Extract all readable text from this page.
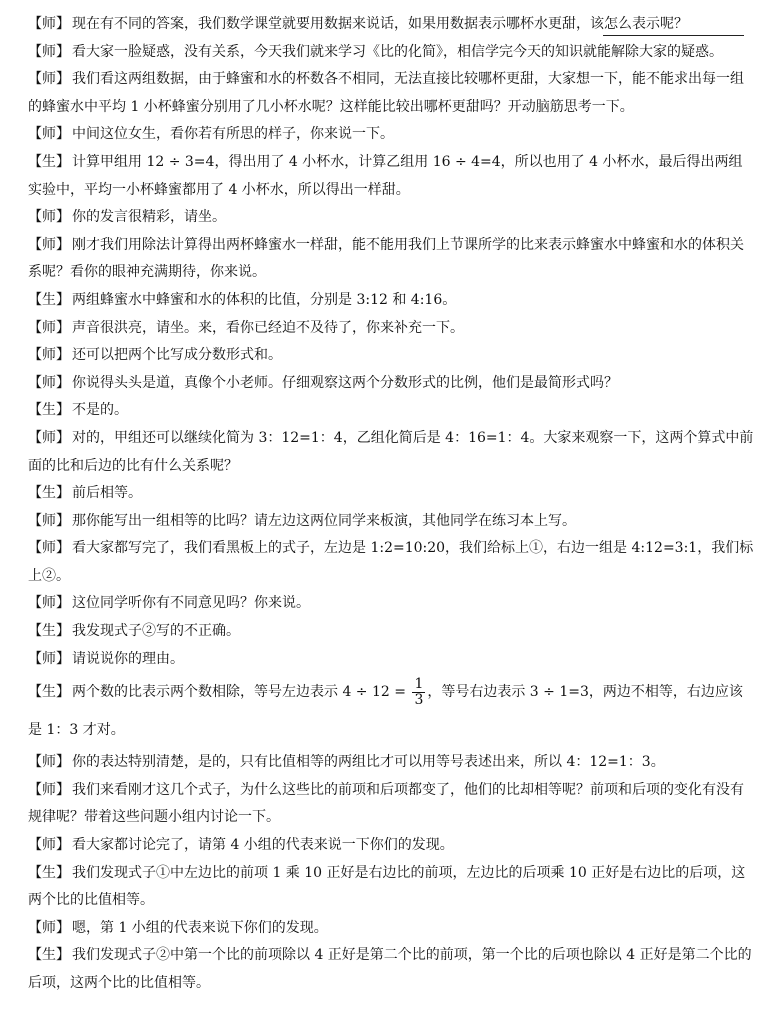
【师】 现在有不同的答案，我们数学课堂就要用数据来说话，如果用数据表示哪杯水更甜，该怎么表示呢？

【师】 看大家一脸疑惑，没有关系，今天我们就来学习《比的化简》，相信学完今天的知识就能解除大家的疑惑。

【师】 我们看这两组数据，由于蜂蜜和水的杯数各不相同，无法直接比较哪杯更甜，大家想一下，能不能求出每一组的蜂蜜水中平均 1 小杯蜂蜜分别用了几小杯水呢？这样能比较出哪杯更甜吗？开动脑筋思考一下。

【师】 中间这位女生，看你若有所思的样子，你来说一下。

【生】 计算甲组用 12 ÷ 3=4，得出用了 4 小杯水，计算乙组用 16 ÷ 4=4，所以也用了 4 小杯水，最后得出两组实验中，平均一小杯蜂蜜都用了 4 小杯水，所以得出一样甜。

【师】 你的发言很精彩，请坐。

【师】 刚才我们用除法计算得出两杯蜂蜜水一样甜，能不能用我们上节课所学的比来表示蜂蜜水中蜂蜜和水的体积关系呢？看你的眼神充满期待，你来说。

【生】 两组蜂蜜水中蜂蜜和水的体积的比值，分别是 3:12 和 4:16。

【师】 声音很洪亮，请坐。来，看你已经迫不及待了，你来补充一下。

【师】 还可以把两个比写成分数形式和。

【师】 你说得头头是道，真像个小老师。仔细观察这两个分数形式的比例，他们是最简形式吗？

【生】 不是的。

【师】 对的，甲组还可以继续化简为 3：12=1：4，乙组化简后是 4：16=1：4。大家来观察一下，这两个算式中前面的比和后边的比有什么关系呢？

【生】 前后相等。

【师】 那你能写出一组相等的比吗？请左边这两位同学来板演，其他同学在练习本上写。

【师】 看大家都写完了，我们看黑板上的式子，左边是 1:2=10:20，我们给标上①，右边一组是 4:12=3:1，我们标上②。

【师】 这位同学听你有不同意见吗？你来说。

【生】 我发现式子②写的不正确。

【师】 请说说你的理由。

【生】 两个数的比表示两个数相除，等号左边表示 $4 \div 12 = \frac{1}{3}$ ，等号右边表示 3 ÷ 1=3，两边不相等，右边应该是 1：3 才对。

【师】 你的表达特别清楚，是的，只有比值相等的两组比才可以用等号表述出来，所以 4：12=1：3。

【师】 我们来看刚才这几个式子，为什么这些比的前项和后项都变了，他们的比却相等呢？前项和后项的变化有没有规律呢？带着这些问题小组内讨论一下。

【师】 看大家都讨论完了，请第 4 小组的代表来说一下你们的发现。

【生】 我们发现式子①中左边比的前项 1 乘 10 正好是右边比的前项，左边比的后项乘 10 正好是右边比的后项，这两个比的比值相等。

【师】 嗯，第 1 小组的代表来说下你们的发现。

【生】 我们发现式子②中第一个比的前项除以 4 正好是第二个比的前项，第一个比的后项也除以 4 正好是第二个比的后项，这两个比的比值相等。
